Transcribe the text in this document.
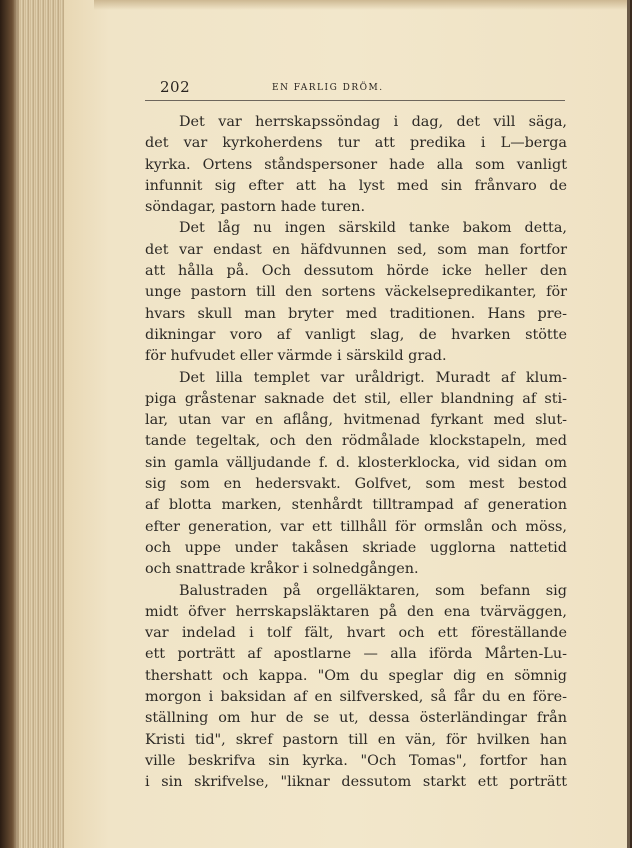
202	EN FARLIG DRÖM.
Det var herrskapssöndag i dag, det vill säga,
det var kyrkoherdens tur att predika i L—berga
kyrka. Ortens ståndspersoner hade alla som vanligt
infunnit sig efter att ha lyst med sin frånvaro de
söndagar, pastorn hade turen.
Det låg nu ingen särskild tanke bakom detta,
det var endast en häfdvunnen sed, som man fortfor
att hålla på. Och dessutom hörde icke heller den
unge pastorn till den sortens väckelsepredikanter, för
hvars skull man bryter med traditionen. Hans pre-
dikningar voro af vanligt slag, de hvarken stötte
för hufvudet eller värmde i särskild grad.
Det lilla templet var uråldrigt. Muradt af klum-
piga gråstenar saknade det stil, eller blandning af sti-
lar, utan var en aflång, hvitmenad fyrkant med slut-
tande tegeltak, och den rödmålade klockstapeln, med
sin gamla välljudande f. d. klosterklocka, vid sidan om
sig som en hedersvakt. Golfvet, som mest bestod
af blotta marken, stenhårdt tilltrampad af generation
efter generation, var ett tillhåll för ormslån och möss,
och uppe under takåsen skriade ugglorna nattetid
och snattrade kråkor i solnedgången.
Balustraden på orgelläktaren, som befann sig
midt öfver herrskapsläktaren på den ena tvärväggen,
var indelad i tolf fält, hvart och ett föreställande
ett porträtt af apostlarne — alla iförda Mårten-Lu-
thershatt och kappa. "Om du speglar dig en sömnig
morgon i baksidan af en silfversked, så får du en före-
ställning om hur de se ut, dessa österländingar från
Kristi tid", skref pastorn till en vän, för hvilken han
ville beskrifva sin kyrka. "Och Tomas", fortfor han
i sin skrifvelse, "liknar dessutom starkt ett porträtt
